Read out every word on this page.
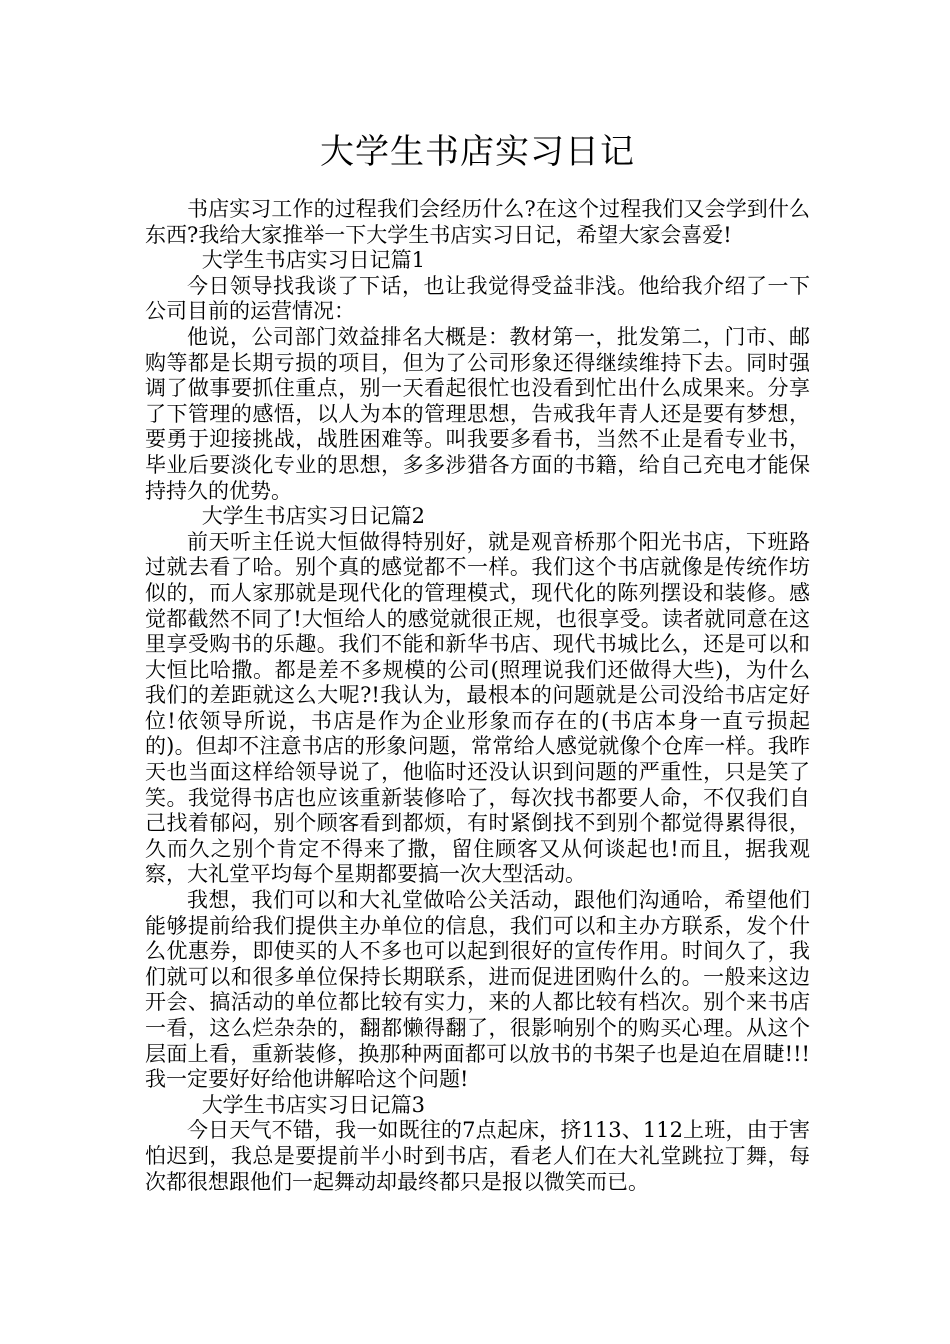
大学生书店实习日记

书店实习工作的过程我们会经历什么?在这个过程我们又会学到什么东西?我给大家推举一下大学生书店实习日记，希望大家会喜爱!

大学生书店实习日记篇1

今日领导找我谈了下话，也让我觉得受益非浅。他给我介绍了一下公司目前的运营情况：

他说，公司部门效益排名大概是：教材第一，批发第二，门市、邮购等都是长期亏损的项目，但为了公司形象还得继续维持下去。同时强调了做事要抓住重点，别一天看起很忙也没看到忙出什么成果来。分享了下管理的感悟，以人为本的管理思想，告戒我年青人还是要有梦想，要勇于迎接挑战，战胜困难等。叫我要多看书，当然不止是看专业书，毕业后要淡化专业的思想，多多涉猎各方面的书籍，给自己充电才能保持持久的优势。

大学生书店实习日记篇2

前天听主任说大恒做得特别好，就是观音桥那个阳光书店，下班路过就去看了哈。别个真的感觉都不一样。我们这个书店就像是传统作坊似的，而人家那就是现代化的管理模式，现代化的陈列摆设和装修。感觉都截然不同了!大恒给人的感觉就很正规，也很享受。读者就同意在这里享受购书的乐趣。我们不能和新华书店、现代书城比么，还是可以和大恒比哈撒。都是差不多规模的公司(照理说我们还做得大些)，为什么我们的差距就这么大呢?!我认为，最根本的问题就是公司没给书店定好位!依领导所说，书店是作为企业形象而存在的(书店本身一直亏损起的)。但却不注意书店的形象问题，常常给人感觉就像个仓库一样。我昨天也当面这样给领导说了，他临时还没认识到问题的严重性，只是笑了笑。我觉得书店也应该重新装修哈了，每次找书都要人命，不仅我们自己找着郁闷，别个顾客看到都烦，有时紧倒找不到别个都觉得累得很，久而久之别个肯定不得来了撒，留住顾客又从何谈起也!而且，据我观察，大礼堂平均每个星期都要搞一次大型活动。

我想，我们可以和大礼堂做哈公关活动，跟他们沟通哈，希望他们能够提前给我们提供主办单位的信息，我们可以和主办方联系，发个什么优惠券，即使买的人不多也可以起到很好的宣传作用。时间久了，我们就可以和很多单位保持长期联系，进而促进团购什么的。一般来这边开会、搞活动的单位都比较有实力，来的人都比较有档次。别个来书店一看，这么烂杂杂的，翻都懒得翻了，很影响别个的购买心理。从这个层面上看，重新装修，换那种两面都可以放书的书架子也是迫在眉睫!!!我一定要好好给他讲解哈这个问题!

大学生书店实习日记篇3

今日天气不错，我一如既往的7点起床，挤113、112上班，由于害怕迟到，我总是要提前半小时到书店，看老人们在大礼堂跳拉丁舞，每次都很想跟他们一起舞动却最终都只是报以微笑而已。
